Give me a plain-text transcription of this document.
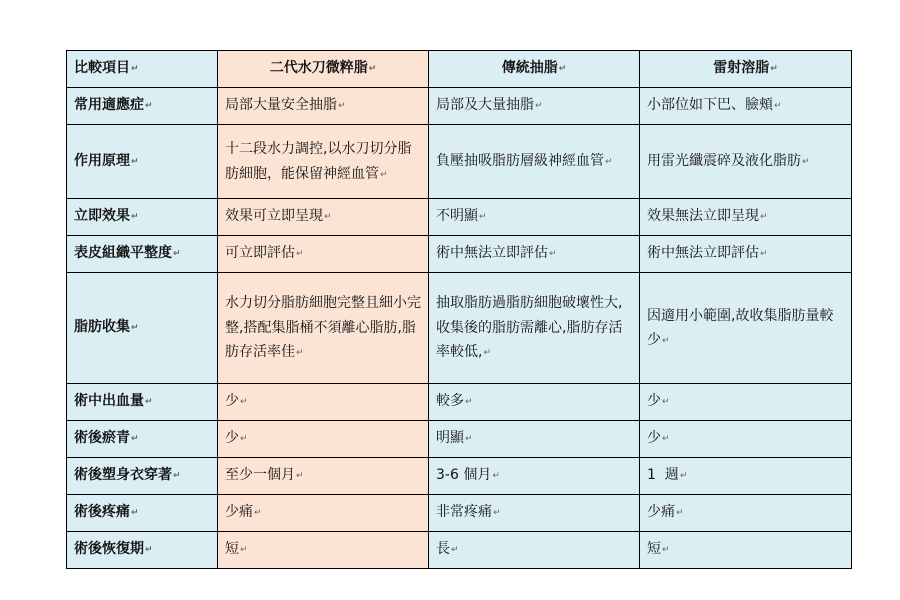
比較項目↵	二代水刀微粹脂↵	傳統抽脂↵	雷射溶脂↵
常用適應症↵	局部大量安全抽脂↵	局部及大量抽脂↵	小部位如下巴、臉頰↵
作用原理↵	十二段水力調控,以水刀切分脂肪細胞，能保留神經血管↵	負壓抽吸脂肪層級神經血管↵	用雷光纖震碎及液化脂肪↵
立即效果↵	效果可立即呈現↵	不明顯↵	效果無法立即呈現↵
表皮組織平整度↵	可立即評估↵	術中無法立即評估↵	術中無法立即評估↵
脂肪收集↵	水力切分脂肪細胞完整且細小完整,搭配集脂桶不須離心脂肪,脂肪存活率佳↵	抽取脂肪過脂肪細胞破壞性大,收集後的脂肪需離心,脂肪存活率較低,↵	因適用小範圍,故收集脂肪量較少↵
術中出血量↵	少↵	較多↵	少↵
術後瘀青↵	少↵	明顯↵	少↵
術後塑身衣穿著↵	至少一個月↵	3-6 個月↵	1  週↵
術後疼痛↵	少痛↵	非常疼痛↵	少痛↵
術後恢復期↵	短↵	長↵	短↵
